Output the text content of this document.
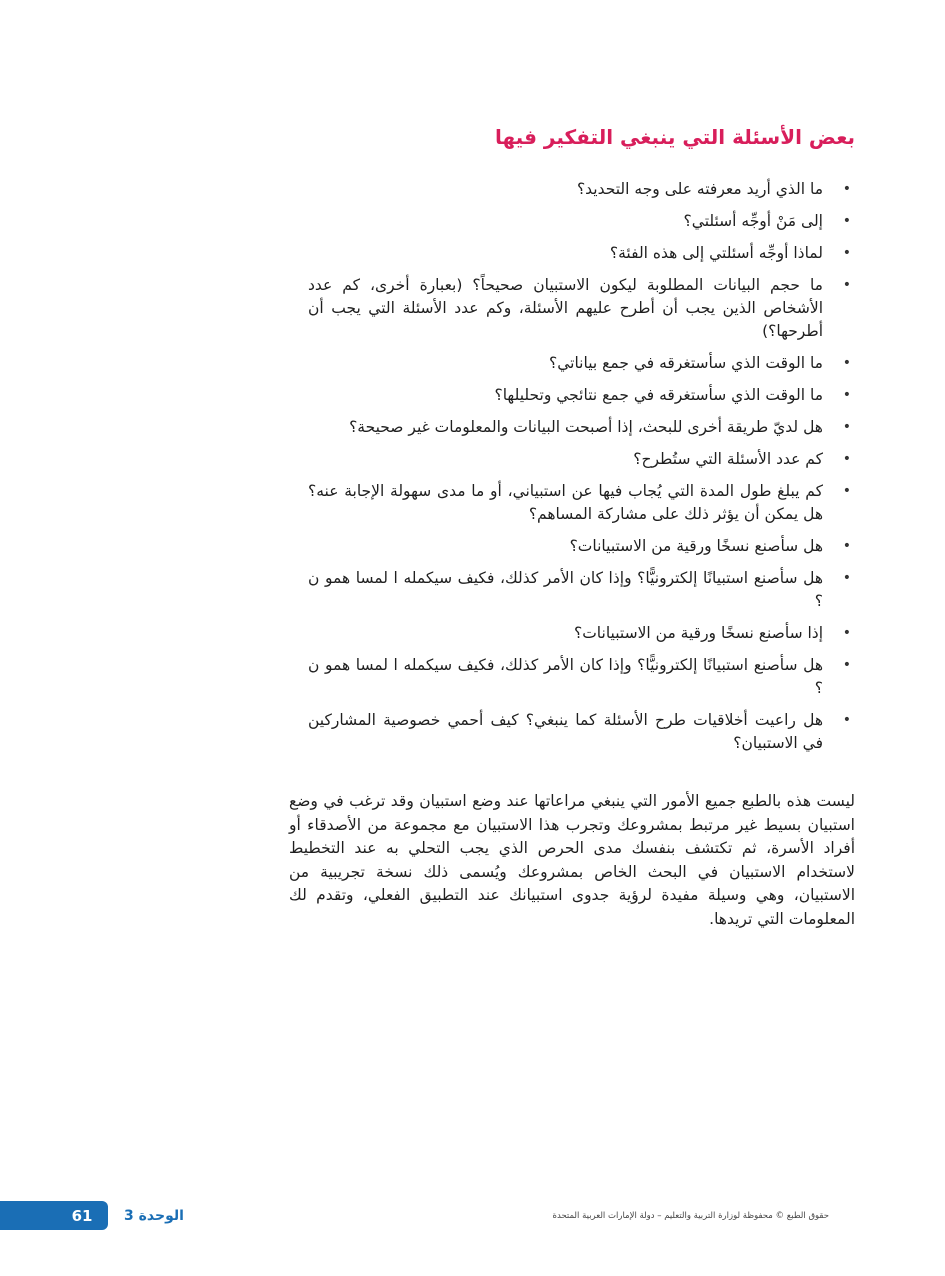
بعض الأسئلة التي ينبغي التفكير فيها
•
ما الذي أريد معرفته على وجه التحديد؟
•
إلى مَنْ أوجِّه أسئلتي؟
•
لماذا أوجِّه أسئلتي إلى هذه الفئة؟
•
ما حجم البيانات المطلوبة ليكون الاستبيان صحيحاً؟ (بعبارة أخرى، كم عدد الأشخاص الذين يجب أن أطرح عليهم الأسئلة، وكم عدد الأسئلة التي يجب أن أطرحها؟)
•
ما الوقت الذي سأستغرقه في جمع بياناتي؟
•
ما الوقت الذي سأستغرقه في جمع نتائجي وتحليلها؟
•
هل لديّ طريقة أخرى للبحث، إذا أصبحت البيانات والمعلومات غير صحيحة؟
•
كم عدد الأسئلة التي ستُطرح؟
•
كم يبلغ طول المدة التي يُجاب فيها عن استبياني، أو ما مدى سهولة الإجابة عنه؟ هل يمكن أن يؤثر ذلك على مشاركة المساهم؟
•
هل سأصنع نسخًا ورقية من الاستبيانات؟
•
هل سأصنع استبيانًا إلكترونيًّا؟ وإذا كان الأمر كذلك، فكيف سيكمله ا لمسا همو ن ؟
•
إذا سأصنع نسخًا ورقية من الاستبيانات؟
•
هل سأصنع استبيانًا إلكترونيًّا؟ وإذا كان الأمر كذلك، فكيف سيكمله ا لمسا همو ن ؟
•
هل راعيت أخلاقيات طرح الأسئلة كما ينبغي؟ كيف أحمي خصوصية المشاركين في الاستبيان؟

ليست هذه بالطبع جميع الأمور التي ينبغي مراعاتها عند وضع استبيان وقد ترغب في وضع استبيان بسيط غير مرتبط بمشروعك وتجرب هذا الاستبيان مع مجموعة من الأصدقاء أو أفراد الأسرة، ثم تكتشف بنفسك مدى الحرص الذي يجب التحلي به عند التخطيط لاستخدام الاستبيان في البحث الخاص بمشروعك ويُسمى ذلك نسخة تجريبية من الاستبيان، وهي وسيلة مفيدة لرؤية جدوى استبيانك عند التطبيق الفعلي، وتقدم لك المعلومات التي تريدها.

61	الوحدة 3	حقوق الطبع © محفوظة لوزارة التربية والتعليم – دولة الإمارات العربية المتحدة
